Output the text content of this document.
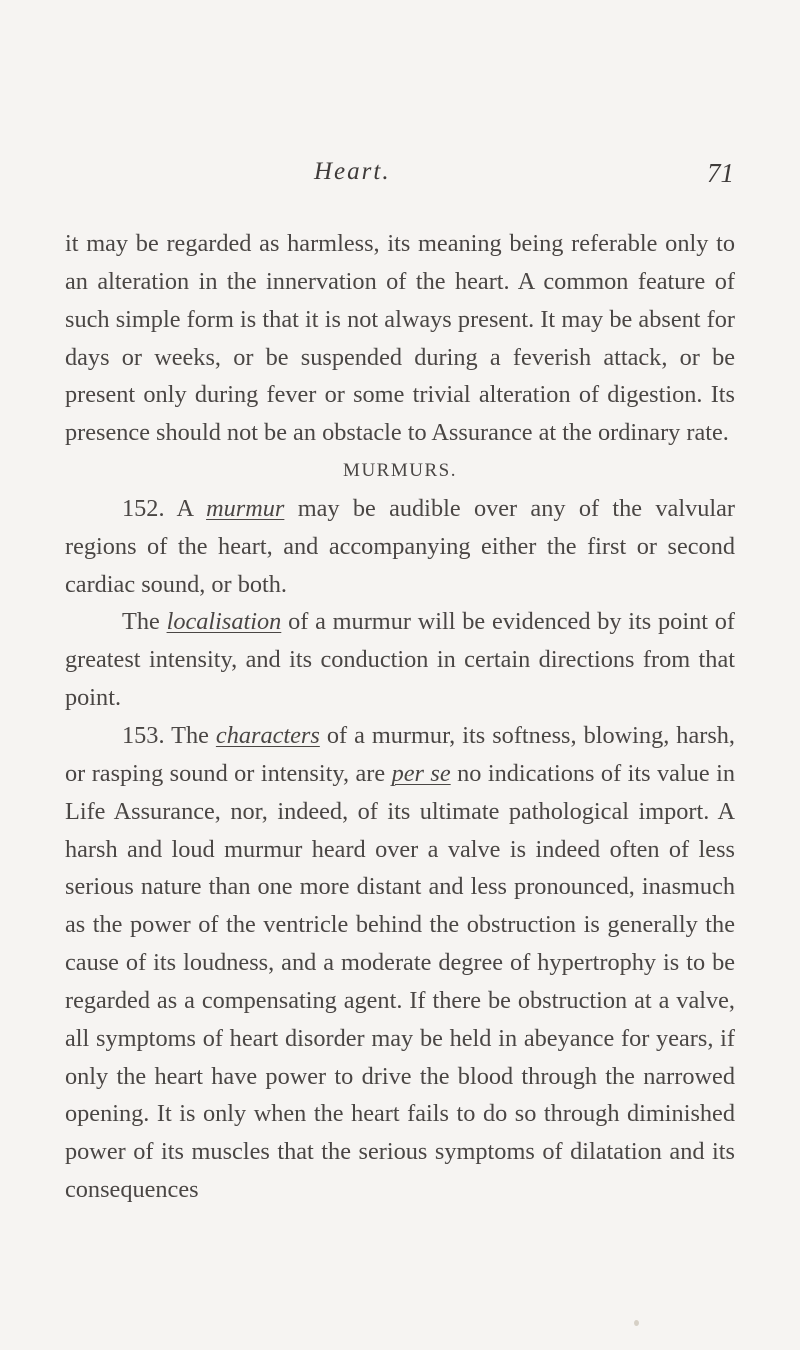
Heart.	71

it may be regarded as harmless, its meaning being referable only to an alteration in the innervation of the heart. A common feature of such simple form is that it is not always present. It may be absent for days or weeks, or be suspended during a feverish attack, or be present only during fever or some trivial alteration of digestion. Its presence should not be an obstacle to Assurance at the ordinary rate.

MURMURS.

152. A murmur may be audible over any of the valvular regions of the heart, and accompanying either the first or second cardiac sound, or both.

The localisation of a murmur will be evidenced by its point of greatest intensity, and its conduction in certain directions from that point.

153. The characters of a murmur, its softness, blowing, harsh, or rasping sound or intensity, are per se no indications of its value in Life Assurance, nor, indeed, of its ultimate pathological import. A harsh and loud murmur heard over a valve is indeed often of less serious nature than one more distant and less pronounced, inasmuch as the power of the ventricle behind the obstruction is generally the cause of its loudness, and a moderate degree of hypertrophy is to be regarded as a compensating agent. If there be obstruction at a valve, all symptoms of heart disorder may be held in abeyance for years, if only the heart have power to drive the blood through the narrowed opening. It is only when the heart fails to do so through diminished power of its muscles that the serious symptoms of dilatation and its consequences
